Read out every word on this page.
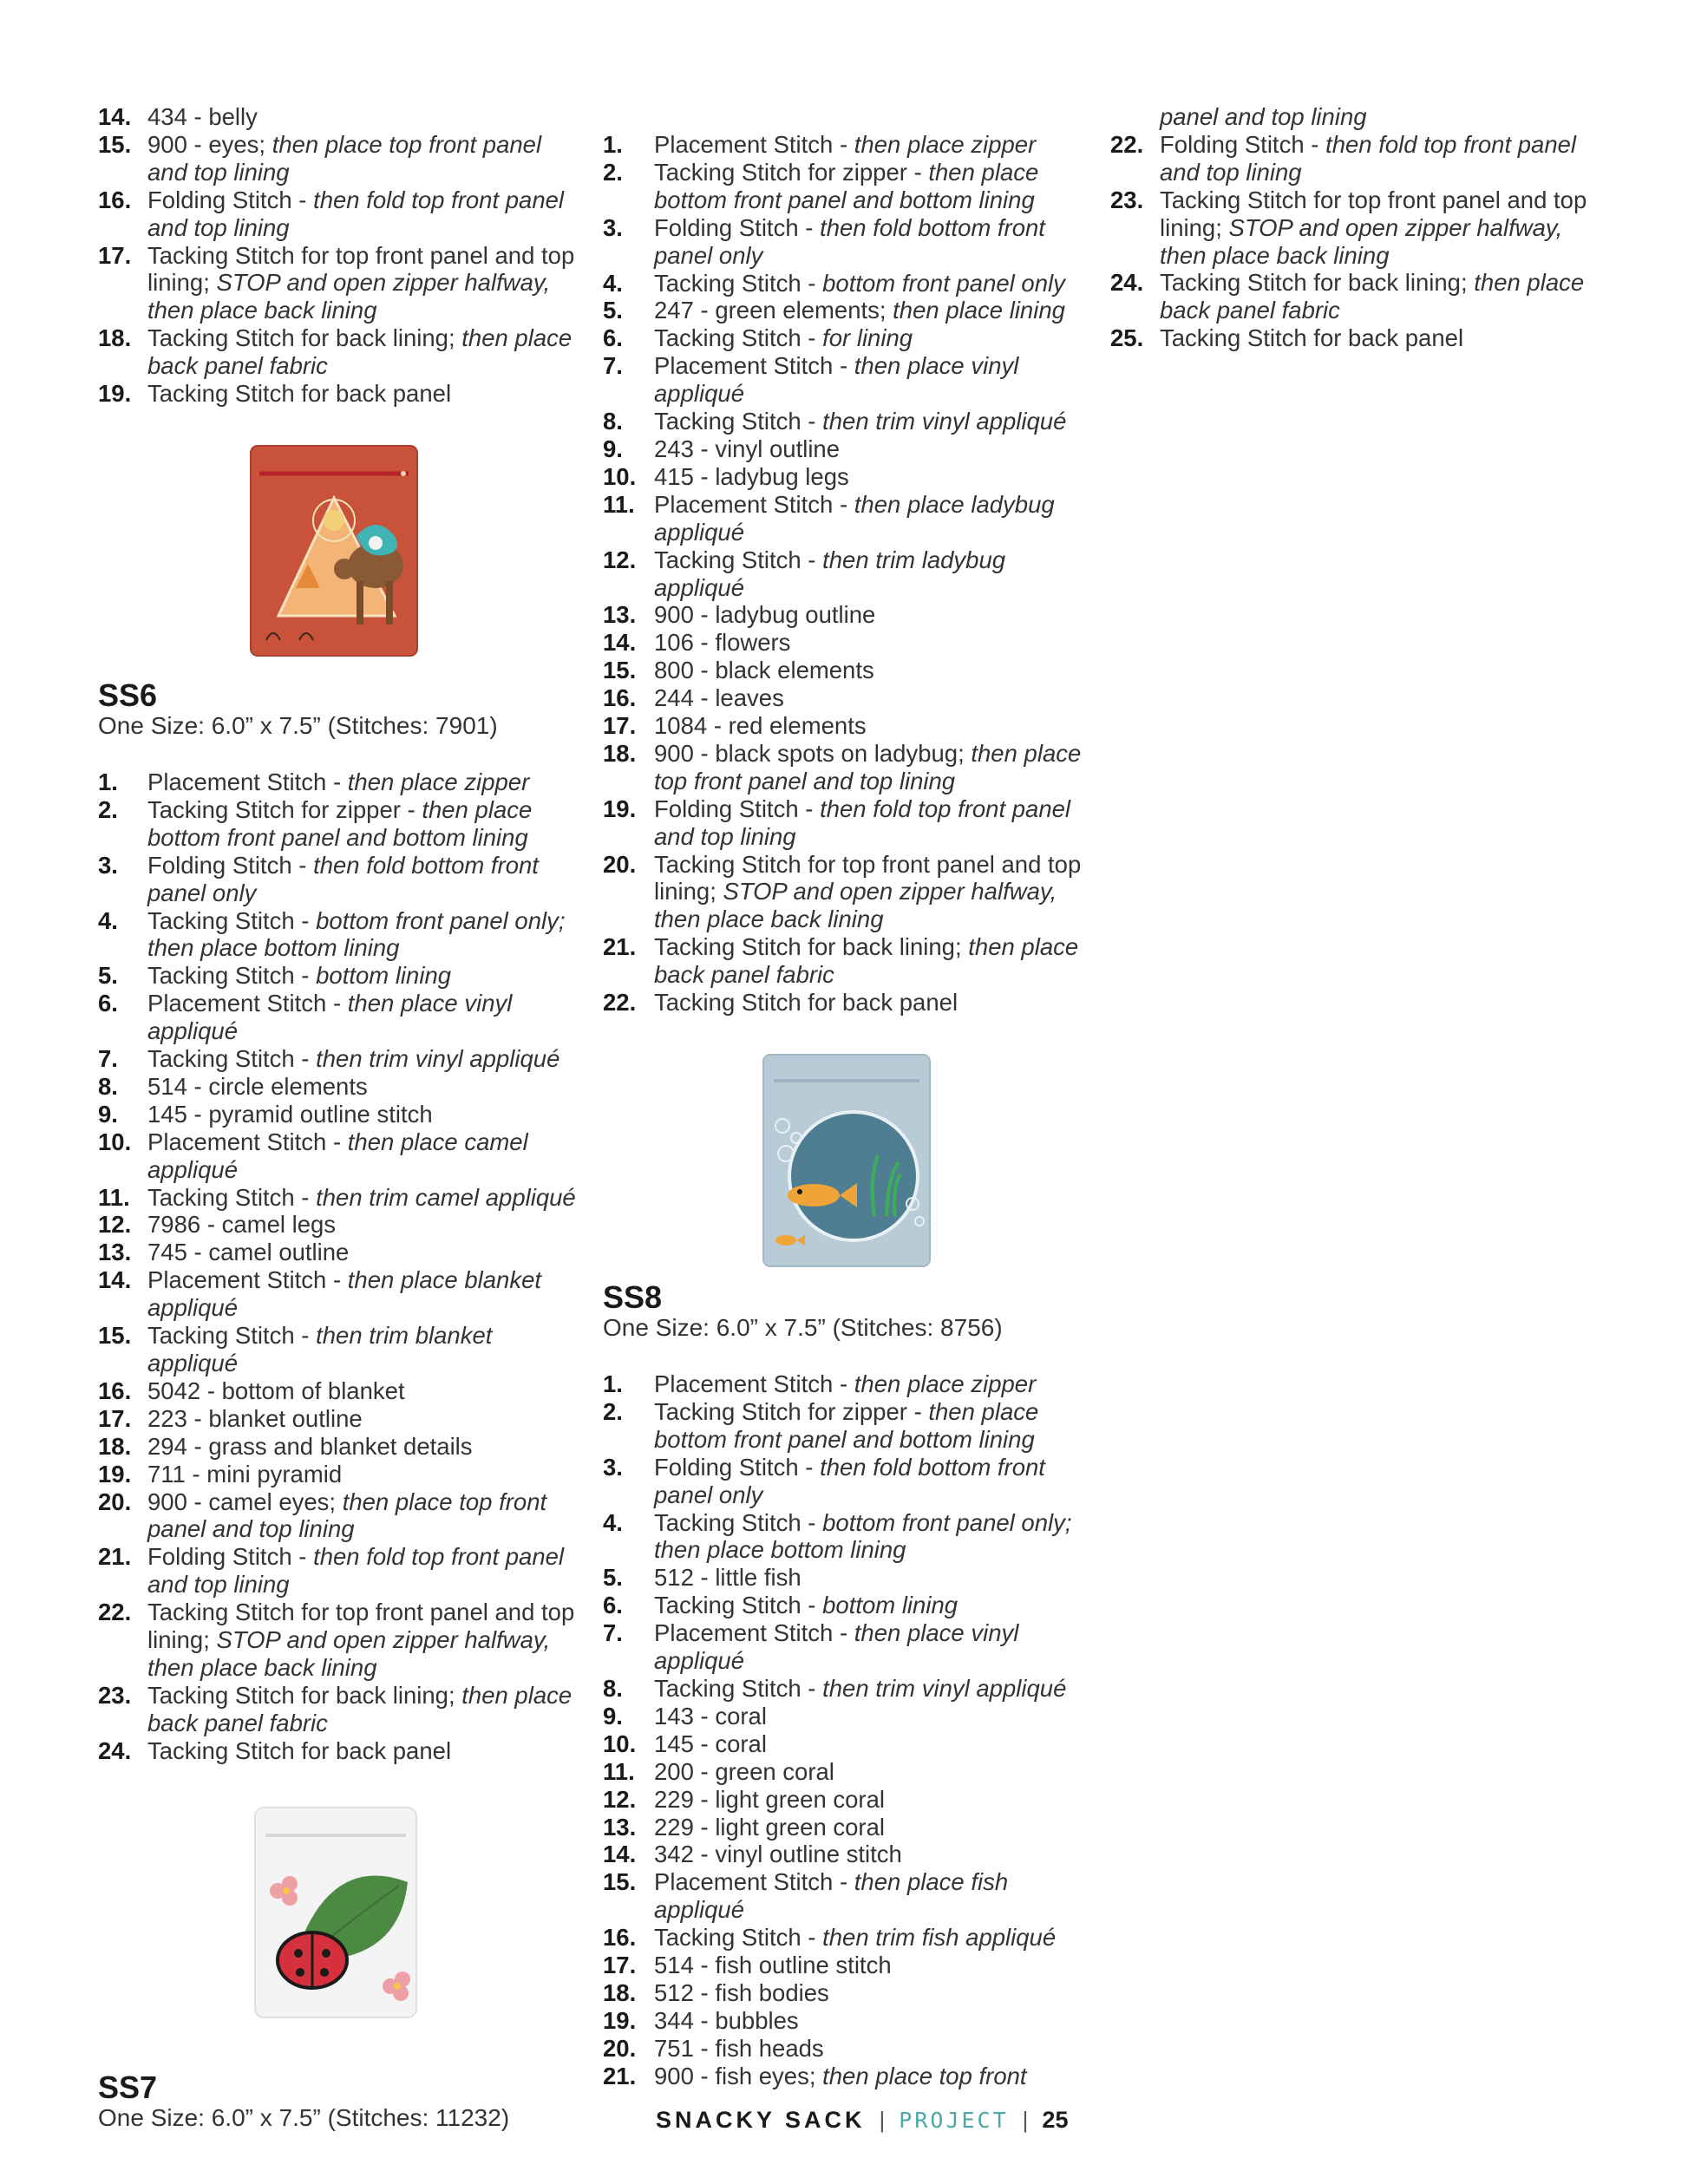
14. 434 - belly
15. 900 - eyes; then place top front panel and top lining
16. Folding Stitch - then fold top front panel and top lining
17. Tacking Stitch for top front panel and top lining; STOP and open zipper halfway, then place back lining
18. Tacking Stitch for back lining; then place back panel fabric
19. Tacking Stitch for back panel
SS6

One Size: 6.0” x 7.5” (Stitches: 7901)

1.	Placement Stitch - then place zipper
2.	Tacking Stitch for zipper - then place bottom front panel and bottom lining
3.	Folding Stitch - then fold bottom front panel only
4.	Tacking Stitch - bottom front panel only; then place bottom lining
5.	Tacking Stitch - bottom lining
6.	Placement Stitch - then place vinyl appliqué
7.	Tacking Stitch - then trim vinyl appliqué
8.	514 - circle elements
9.	145 - pyramid outline stitch
10. Placement Stitch - then place camel appliqué
11. Tacking Stitch - then trim camel appliqué
12. 7986 - camel legs
13. 745 - camel outline
14. Placement Stitch - then place blanket appliqué
15. Tacking Stitch - then trim blanket appliqué
16. 5042 - bottom of blanket
17. 223 - blanket outline
18. 294 - grass and blanket details
19. 711 - mini pyramid
20. 900 - camel eyes; then place top front panel and top lining
21. Folding Stitch - then fold top front panel and top lining
22. Tacking Stitch for top front panel and top lining; STOP and open zipper halfway, then place back lining
23. Tacking Stitch for back lining; then place back panel fabric
24. Tacking Stitch for back panel
SS7

One Size: 6.0” x 7.5” (Stitches: 11232)

1.	Placement Stitch - then place zipper
2.	Tacking Stitch for zipper - then place bottom front panel and bottom lining
3.	Folding Stitch - then fold bottom front panel only
4.	Tacking Stitch - bottom front panel only
5.	247 - green elements; then place lining
6.	Tacking Stitch - for lining
7.	Placement Stitch - then place vinyl appliqué
8.	Tacking Stitch - then trim vinyl appliqué
9.	243 - vinyl outline
10. 415 - ladybug legs
11. Placement Stitch - then place ladybug appliqué
12. Tacking Stitch - then trim ladybug appliqué
13. 900 - ladybug outline
14. 106 - flowers
15. 800 - black elements
16. 244 - leaves
17. 1084 - red elements
18. 900 - black spots on ladybug; then place top front panel and top lining
19. Folding Stitch - then fold top front panel and top lining
20. Tacking Stitch for top front panel and top lining; STOP and open zipper halfway, then place back lining
21. Tacking Stitch for back lining; then place back panel fabric
22. Tacking Stitch for back panel
SS8

One Size: 6.0” x 7.5” (Stitches: 8756)

1.	Placement Stitch - then place zipper
2.	Tacking Stitch for zipper - then place bottom front panel and bottom lining
3.	Folding Stitch - then fold bottom front panel only
4.	Tacking Stitch - bottom front panel only; then place bottom lining
5.	512 - little fish
6.	Tacking Stitch - bottom lining
7.	Placement Stitch - then place vinyl appliqué
8.	Tacking Stitch - then trim vinyl appliqué
9.	143 - coral
10. 145 - coral
11. 200 - green coral
12. 229 - light green coral
13. 229 - light green coral
14. 342 - vinyl outline stitch
15. Placement Stitch - then place fish appliqué
16. Tacking Stitch - then trim fish appliqué
17. 514 - fish outline stitch
18. 512 - fish bodies
19. 344 - bubbles
20. 751 - fish heads
21. 900 - fish eyes; then place top front
panel and top lining
22. Folding Stitch - then fold top front panel and top lining
23. Tacking Stitch for top front panel and top lining; STOP and open zipper halfway, then place back lining
24. Tacking Stitch for back lining; then place back panel fabric
25. Tacking Stitch for back panel
SNACKY SACK | PROJECT | 25
